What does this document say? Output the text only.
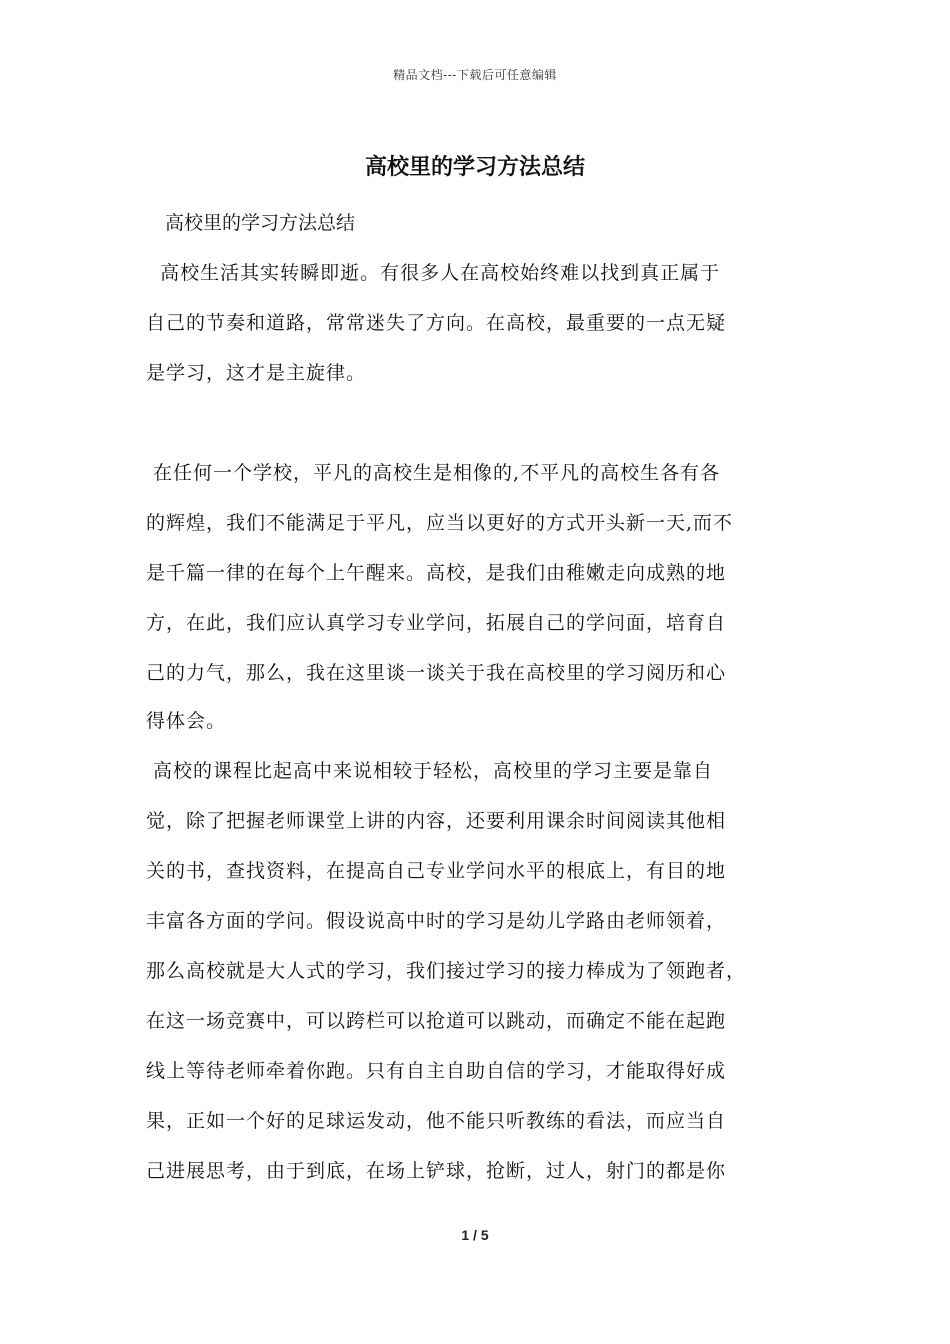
精品文档---下载后可任意编辑
高校里的学习方法总结
高校里的学习方法总结
高校生活其实转瞬即逝。有很多人在高校始终难以找到真正属于
自己的节奏和道路，常常迷失了方向。在高校，最重要的一点无疑
是学习，这才是主旋律。
在任何一个学校，平凡的高校生是相像的,不平凡的高校生各有各
的辉煌，我们不能满足于平凡，应当以更好的方式开头新一天,而不
是千篇一律的在每个上午醒来。高校，是我们由稚嫩走向成熟的地
方，在此，我们应认真学习专业学问，拓展自己的学问面，培育自
己的力气，那么，我在这里谈一谈关于我在高校里的学习阅历和心
得体会。
高校的课程比起高中来说相较于轻松，高校里的学习主要是靠自
觉，除了把握老师课堂上讲的内容，还要利用课余时间阅读其他相
关的书，查找资料，在提高自己专业学问水平的根底上，有目的地
丰富各方面的学问。假设说高中时的学习是幼儿学路由老师领着，
那么高校就是大人式的学习，我们接过学习的接力棒成为了领跑者，
在这一场竞赛中，可以跨栏可以抢道可以跳动，而确定不能在起跑
线上等待老师牵着你跑。只有自主自助自信的学习，才能取得好成
果，正如一个好的足球运发动，他不能只听教练的看法，而应当自
己进展思考，由于到底，在场上铲球，抢断，过人，射门的都是你
1 / 5
